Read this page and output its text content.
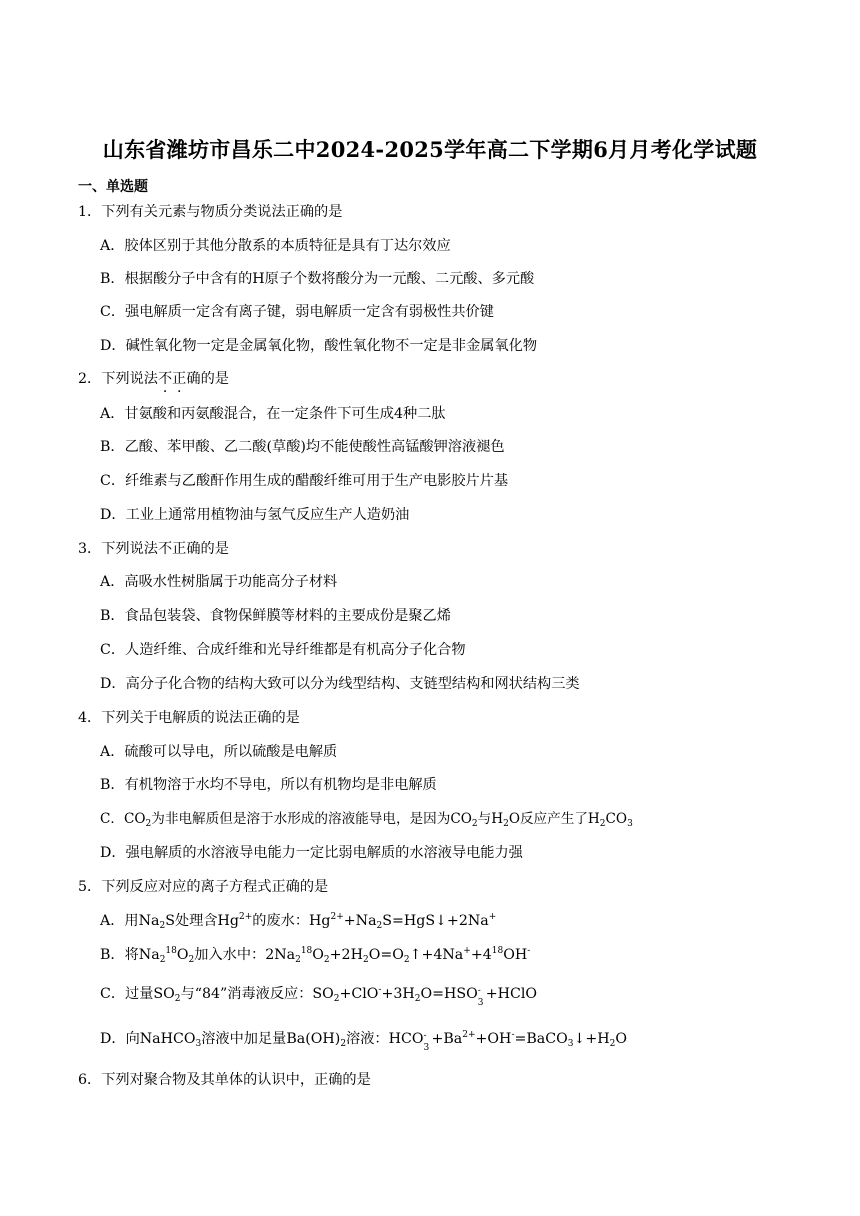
山东省潍坊市昌乐二中2024-2025学年高二下学期6月月考化学试题
一、单选题
1．下列有关元素与物质分类说法正确的是
A．胶体区别于其他分散系的本质特征是具有丁达尔效应
B．根据酸分子中含有的H原子个数将酸分为一元酸、二元酸、多元酸
C．强电解质一定含有离子键，弱电解质一定含有弱极性共价键
D．碱性氧化物一定是金属氧化物，酸性氧化物不一定是非金属氧化物
2．下列说法不正确的是
A．甘氨酸和丙氨酸混合，在一定条件下可生成4种二肽
B．乙酸、苯甲酸、乙二酸(草酸)均不能使酸性高锰酸钾溶液褪色
C．纤维素与乙酸酐作用生成的醋酸纤维可用于生产电影胶片片基
D．工业上通常用植物油与氢气反应生产人造奶油
3．下列说法不正确的是
A．高吸水性树脂属于功能高分子材料
B．食品包装袋、食物保鲜膜等材料的主要成份是聚乙烯
C．人造纤维、合成纤维和光导纤维都是有机高分子化合物
D．高分子化合物的结构大致可以分为线型结构、支链型结构和网状结构三类
4．下列关于电解质的说法正确的是
A．硫酸可以导电，所以硫酸是电解质
B．有机物溶于水均不导电，所以有机物均是非电解质
C．$CO_2$为非电解质但是溶于水形成的溶液能导电，是因为$CO_2$与$H_2O$反应产生了$H_2CO_3$
D．强电解质的水溶液导电能力一定比弱电解质的水溶液导电能力强
5．下列反应对应的离子方程式正确的是
A．用$Na_2S$处理含$Hg^{2+}$的废水：$Hg^{2+}+Na_2S=HgS↓+2Na^+$
B．将$Na_2^{18}O_2$加入水中：$2Na_2^{18}O_2+2H_2O=O_2↑+4Na^++4^{18}OH^-$
C．过量$SO_2$与“84”消毒液反应：$SO_2+ClO^-+3H_2O=HSO$ -
3
+HClO
D．向NaHCO$_3$溶液中加足量$Ba(OH)_2$溶液：HCO -
3
$+Ba^{2+}+OH^-=BaCO_3↓+H_2O$
6．下列对聚合物及其单体的认识中，正确的是
